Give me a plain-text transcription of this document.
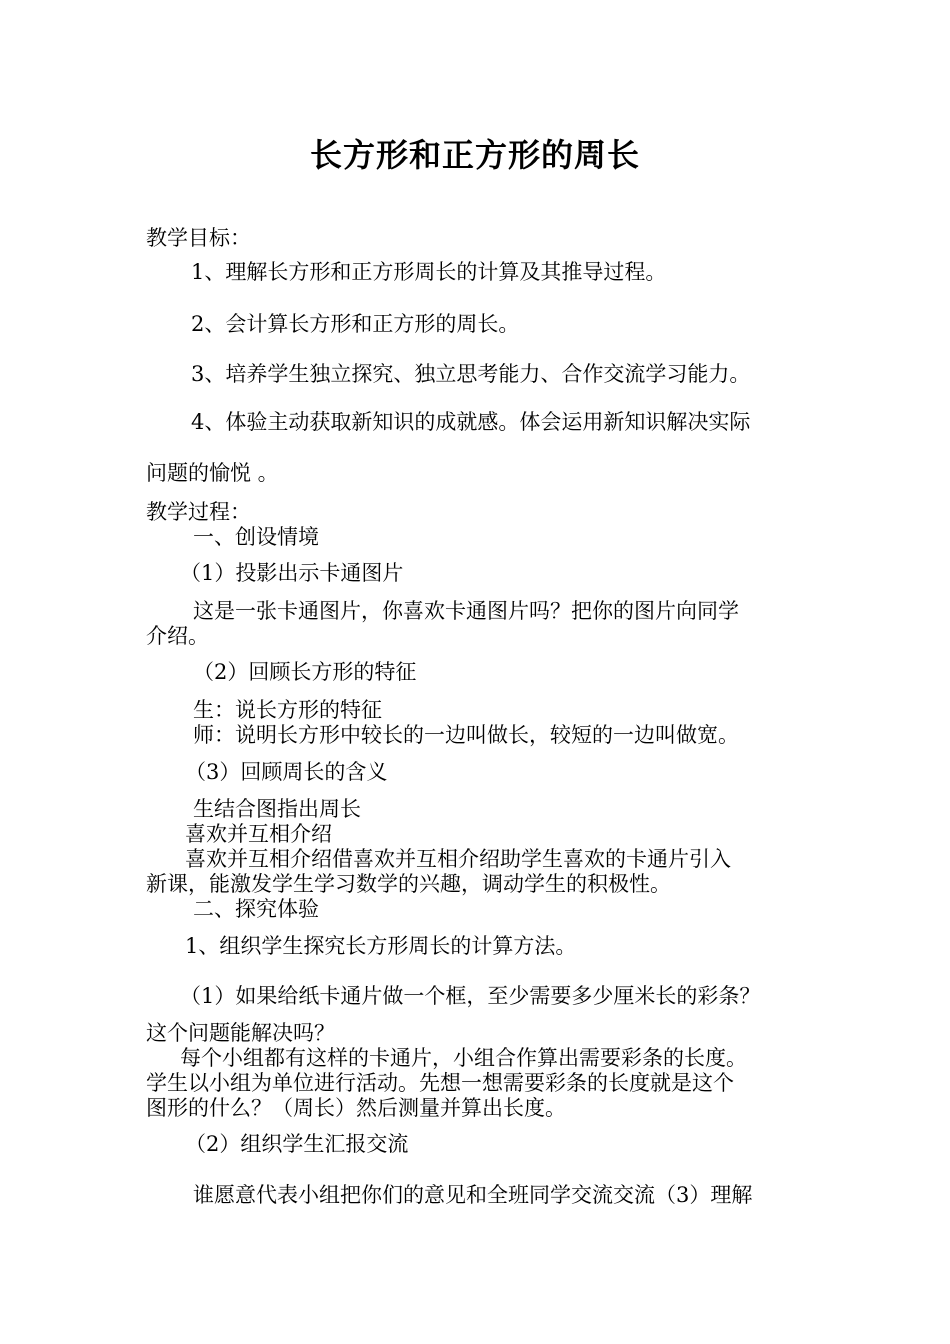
长方形和正方形的周长
教学目标：
1、理解长方形和正方形周长的计算及其推导过程。
2、会计算长方形和正方形的周长。
3、培养学生独立探究、独立思考能力、合作交流学习能力。
4、体验主动获取新知识的成就感。体会运用新知识解决实际
问题的愉悦 。
教学过程：
一、创设情境
（1）投影出示卡通图片
这是一张卡通图片，你喜欢卡通图片吗？把你的图片向同学
介绍。
（2）回顾长方形的特征
生：说长方形的特征
师：说明长方形中较长的一边叫做长，较短的一边叫做宽。
（3）回顾周长的含义
生结合图指出周长
喜欢并互相介绍
喜欢并互相介绍借喜欢并互相介绍助学生喜欢的卡通片引入
新课，能激发学生学习数学的兴趣，调动学生的积极性。
二、探究体验
1、组织学生探究长方形周长的计算方法。
（1）如果给纸卡通片做一个框，至少需要多少厘米长的彩条？
这个问题能解决吗？
每个小组都有这样的卡通片，小组合作算出需要彩条的长度。
学生以小组为单位进行活动。先想一想需要彩条的长度就是这个
图形的什么？（周长）然后测量并算出长度。
（2）组织学生汇报交流
谁愿意代表小组把你们的意见和全班同学交流交流（3）理解
